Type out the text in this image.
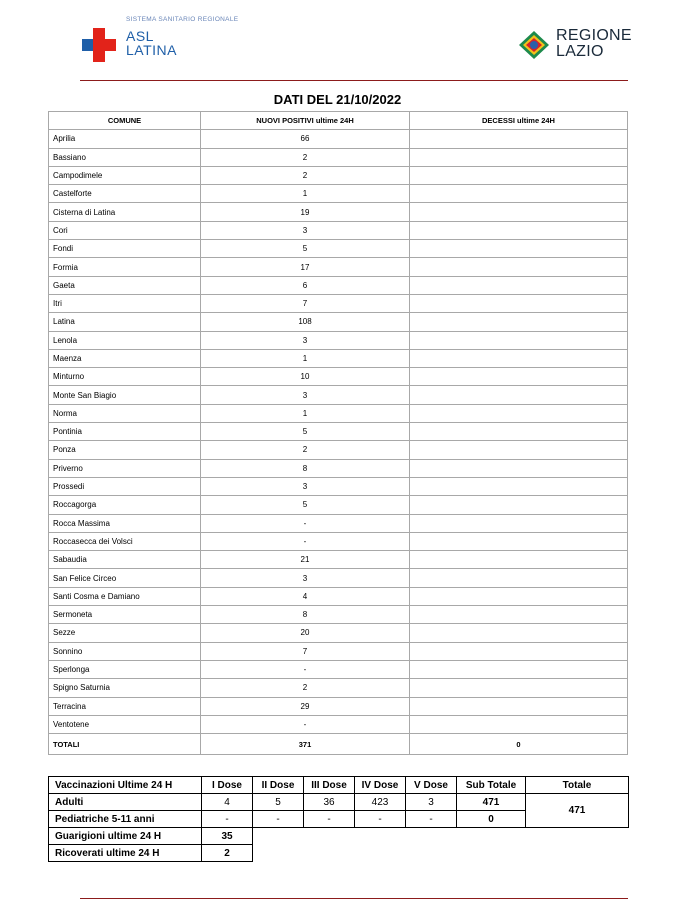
SISTEMA SANITARIO REGIONALE
ASL
LATINA
REGIONE
LAZIO
DATI DEL 21/10/2022
COMUNE	NUOVI POSITIVI ultime 24H	DECESSI ultime 24H
Aprilia	66	
Bassiano	2	
Campodimele	2	
Castelforte	1	
Cisterna di Latina	19	
Cori	3	
Fondi	5	
Formia	17	
Gaeta	6	
Itri	7	
Latina	108	
Lenola	3	
Maenza	1	
Minturno	10	
Monte San Biagio	3	
Norma	1	
Pontinia	5	
Ponza	2	
Priverno	8	
Prossedi	3	
Roccagorga	5	
Rocca Massima	-	
Roccasecca dei Volsci	-	
Sabaudia	21	
San Felice Circeo	3	
Santi Cosma e Damiano	4	
Sermoneta	8	
Sezze	20	
Sonnino	7	
Sperlonga	-	
Spigno Saturnia	2	
Terracina	29	
Ventotene	-	
TOTALI	371	0
Vaccinazioni Ultime 24 H	I Dose	II Dose	III Dose	IV Dose	V Dose	Sub Totale	Totale
Adulti	4	5	36	423	3	471	471
Pediatriche 5-11 anni	-	-	-	-	-	0	
Guarigioni ultime 24 H	35						
Ricoverati ultime 24 H	2						
